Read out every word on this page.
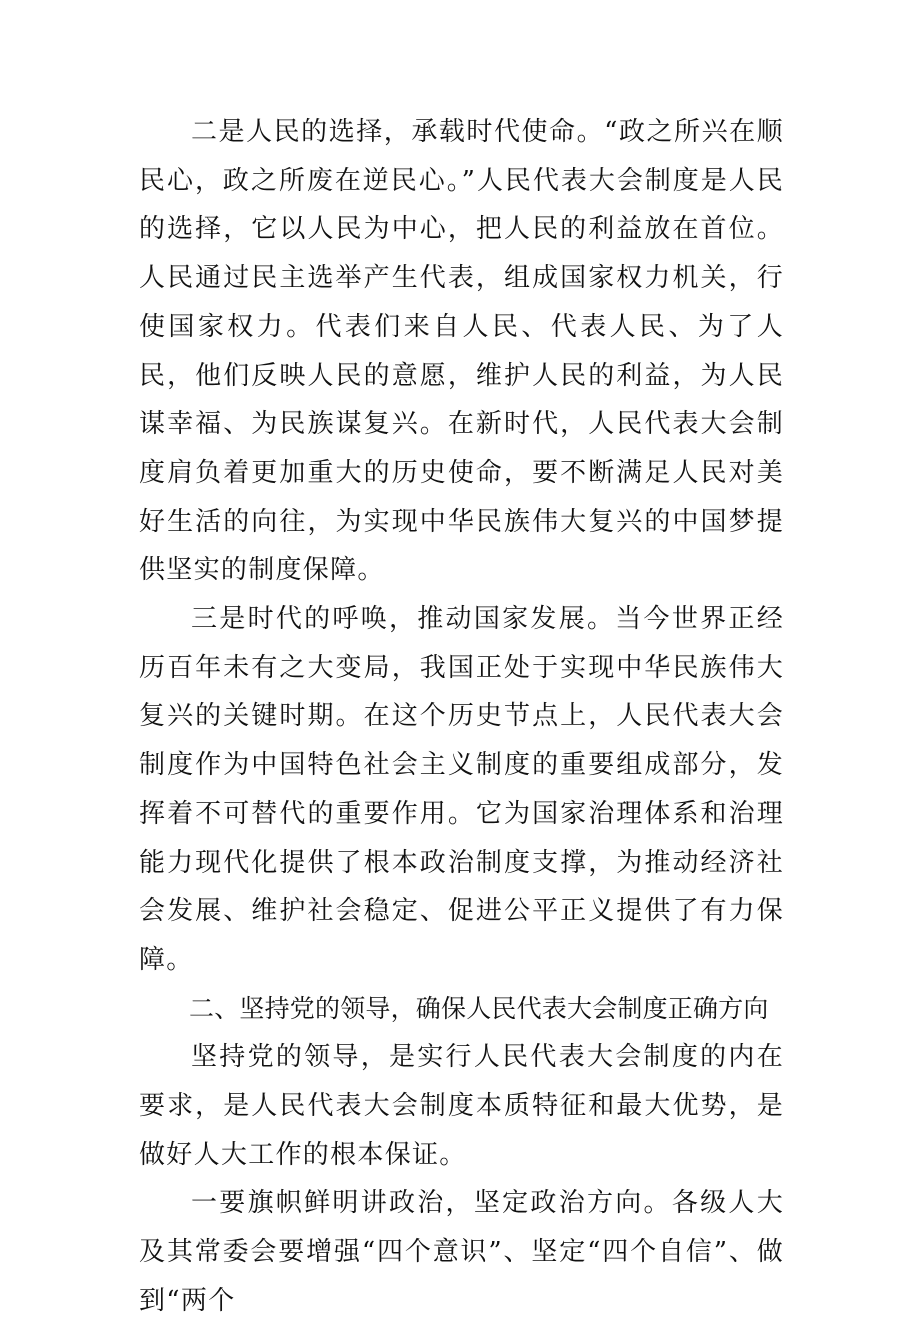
二是人民的选择，承载时代使命。“政之所兴在顺民心，政之所废在逆民心。”人民代表大会制度是人民的选择，它以人民为中心，把人民的利益放在首位。人民通过民主选举产生代表，组成国家权力机关，行使国家权力。代表们来自人民、代表人民、为了人民，他们反映人民的意愿，维护人民的利益，为人民谋幸福、为民族谋复兴。在新时代，人民代表大会制度肩负着更加重大的历史使命，要不断满足人民对美好生活的向往，为实现中华民族伟大复兴的中国梦提供坚实的制度保障。

三是时代的呼唤，推动国家发展。当今世界正经历百年未有之大变局，我国正处于实现中华民族伟大复兴的关键时期。在这个历史节点上，人民代表大会制度作为中国特色社会主义制度的重要组成部分，发挥着不可替代的重要作用。它为国家治理体系和治理能力现代化提供了根本政治制度支撑，为推动经济社会发展、维护社会稳定、促进公平正义提供了有力保障。

二、坚持党的领导，确保人民代表大会制度正确方向

坚持党的领导，是实行人民代表大会制度的内在要求，是人民代表大会制度本质特征和最大优势，是做好人大工作的根本保证。

一要旗帜鲜明讲政治，坚定政治方向。各级人大及其常委会要增强“四个意识”、坚定“四个自信”、做到“两个
